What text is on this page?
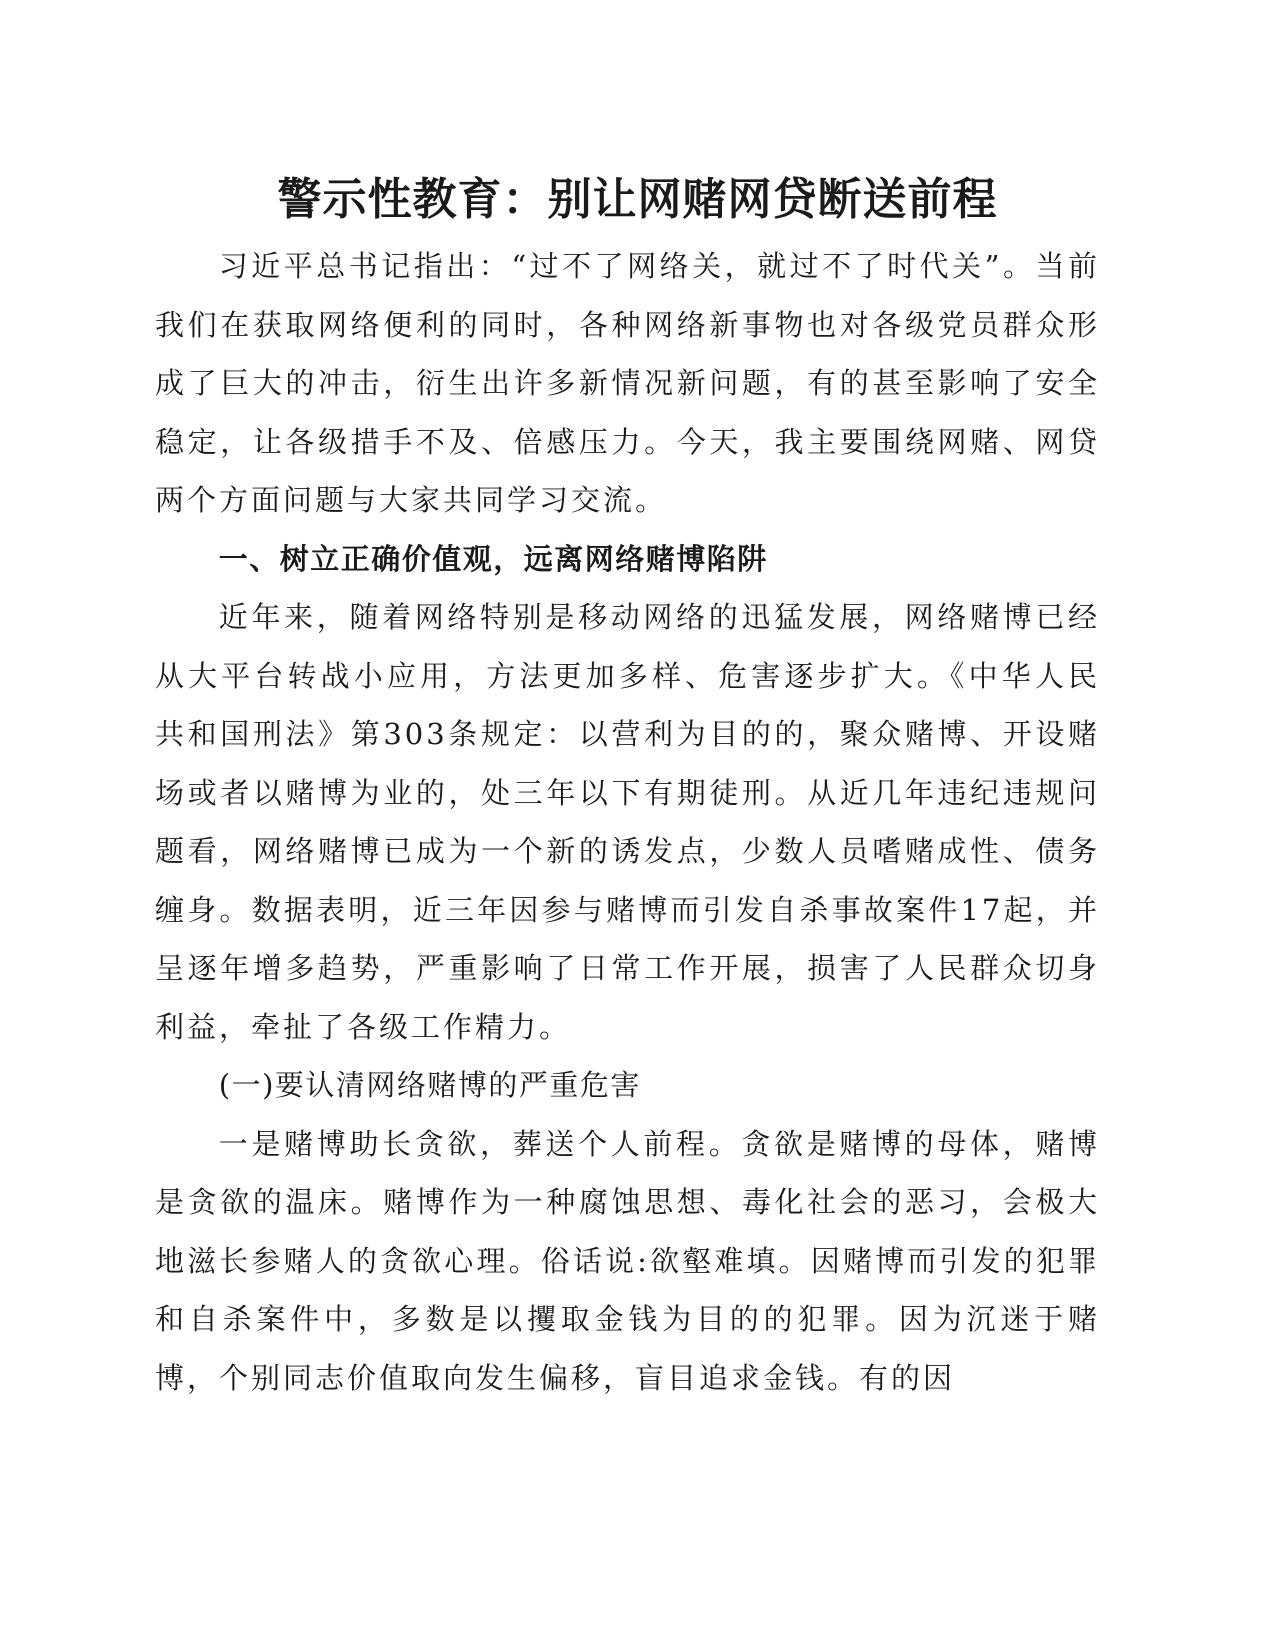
警示性教育：别让网赌网贷断送前程

习近平总书记指出：“过不了网络关，就过不了时代关”。当前我们在获取网络便利的同时，各种网络新事物也对各级党员群众形成了巨大的冲击，衍生出许多新情况新问题，有的甚至影响了安全稳定，让各级措手不及、倍感压力。今天，我主要围绕网赌、网贷两个方面问题与大家共同学习交流。

一、树立正确价值观，远离网络赌博陷阱

近年来，随着网络特别是移动网络的迅猛发展，网络赌博已经从大平台转战小应用，方法更加多样、危害逐步扩大。《中华人民共和国刑法》第303条规定：以营利为目的的，聚众赌博、开设赌场或者以赌博为业的，处三年以下有期徒刑。从近几年违纪违规问题看，网络赌博已成为一个新的诱发点，少数人员嗜赌成性、债务缠身。数据表明，近三年因参与赌博而引发自杀事故案件17起，并呈逐年增多趋势，严重影响了日常工作开展，损害了人民群众切身利益，牵扯了各级工作精力。

(一)要认清网络赌博的严重危害

一是赌博助长贪欲，葬送个人前程。贪欲是赌博的母体，赌博是贪欲的温床。赌博作为一种腐蚀思想、毒化社会的恶习，会极大地滋长参赌人的贪欲心理。俗话说:欲壑难填。因赌博而引发的犯罪和自杀案件中，多数是以攫取金钱为目的的犯罪。因为沉迷于赌博，个别同志价值取向发生偏移，盲目追求金钱。有的因
